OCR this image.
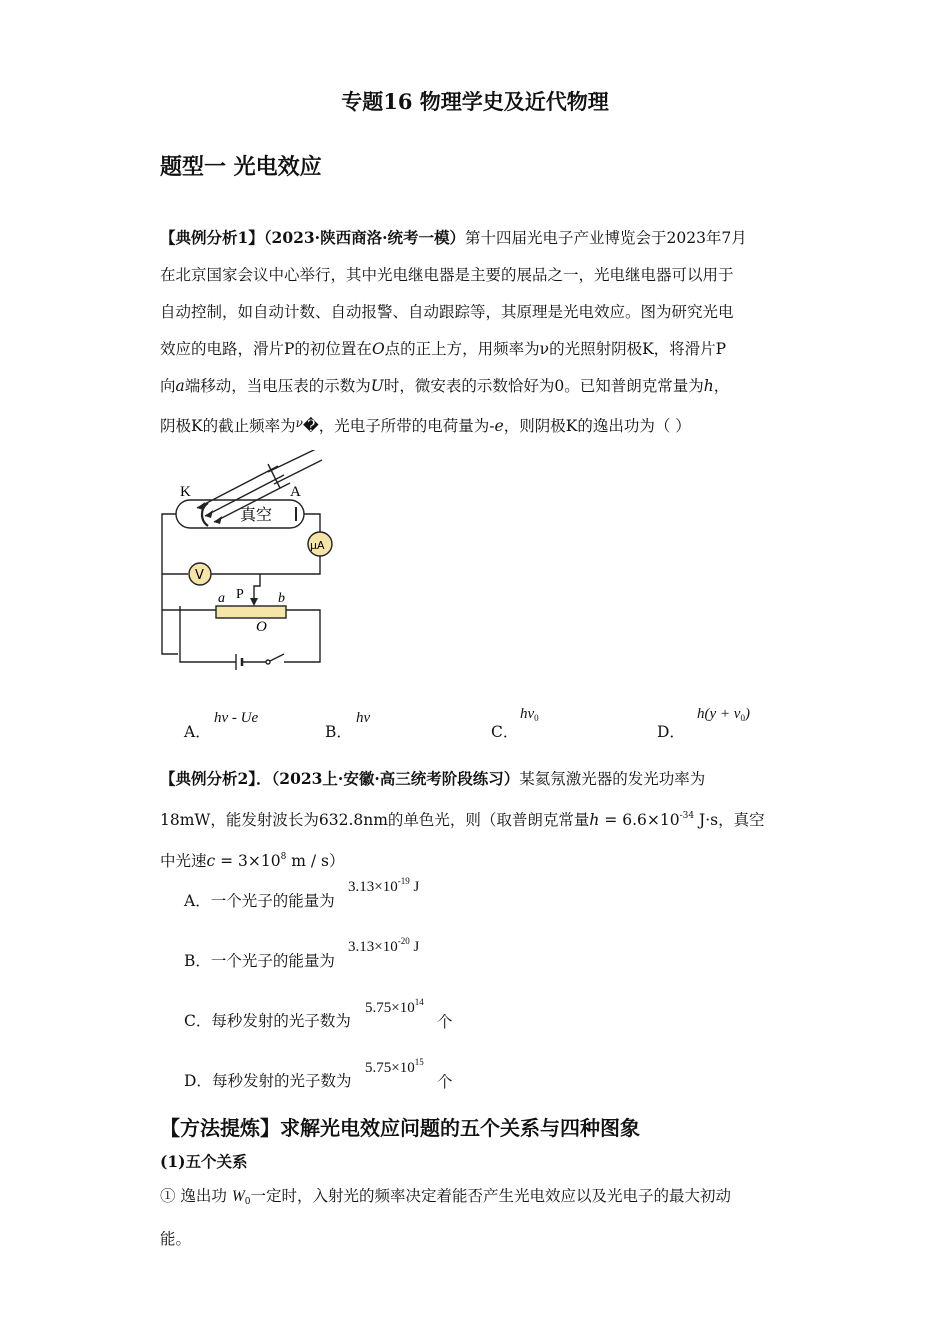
专题16 物理学史及近代物理
题型一 光电效应
【典例分析1】（2023·陕西商洛·统考一模）第十四届光电子产业博览会于2023年7月
在北京国家会议中心举行，其中光电继电器是主要的展品之一，光电继电器可以用于
自动控制，如自动计数、自动报警、自动跟踪等，其原理是光电效应。图为研究光电
效应的电路，滑片P的初位置在O点的正上方，用频率为ν的光照射阴极K，将滑片P
向a端移动，当电压表的示数为U时，微安表的示数恰好为0。已知普朗克常量为h，
阴极K的截止频率为$^\nu$�，光电子所带的电荷量为-e，则阴极K的逸出功为（ ）
K	A
真空
μA
V
P
a	b
O
A．
hν - Ue
B．
hν
C．
$h\nu_0$
D．
$h(y + \nu_0)$
【典例分析2】．（2023上·安徽·高三统考阶段练习）某氦氖激光器的发光功率为
18mW，能发射波长为632.8nm的单色光，则（取普朗克常量$h = 6.6\times 10^{-34}$ J·s，真空
中光速$c = 3\times 10^8$ m / s）
A．一个光子的能量为
$3.13\times 10^{-19}$ J
B．一个光子的能量为
$3.13\times 10^{-20}$ J
C．每秒发射的光子数为
$5.75\times 10^{14}$
个
D．每秒发射的光子数为
$5.75\times 10^{15}$
个
【方法提炼】求解光电效应问题的五个关系与四种图象
(1)五个关系
① 逸出功 $W_0$一定时，入射光的频率决定着能否产生光电效应以及光电子的最大初动
能。
